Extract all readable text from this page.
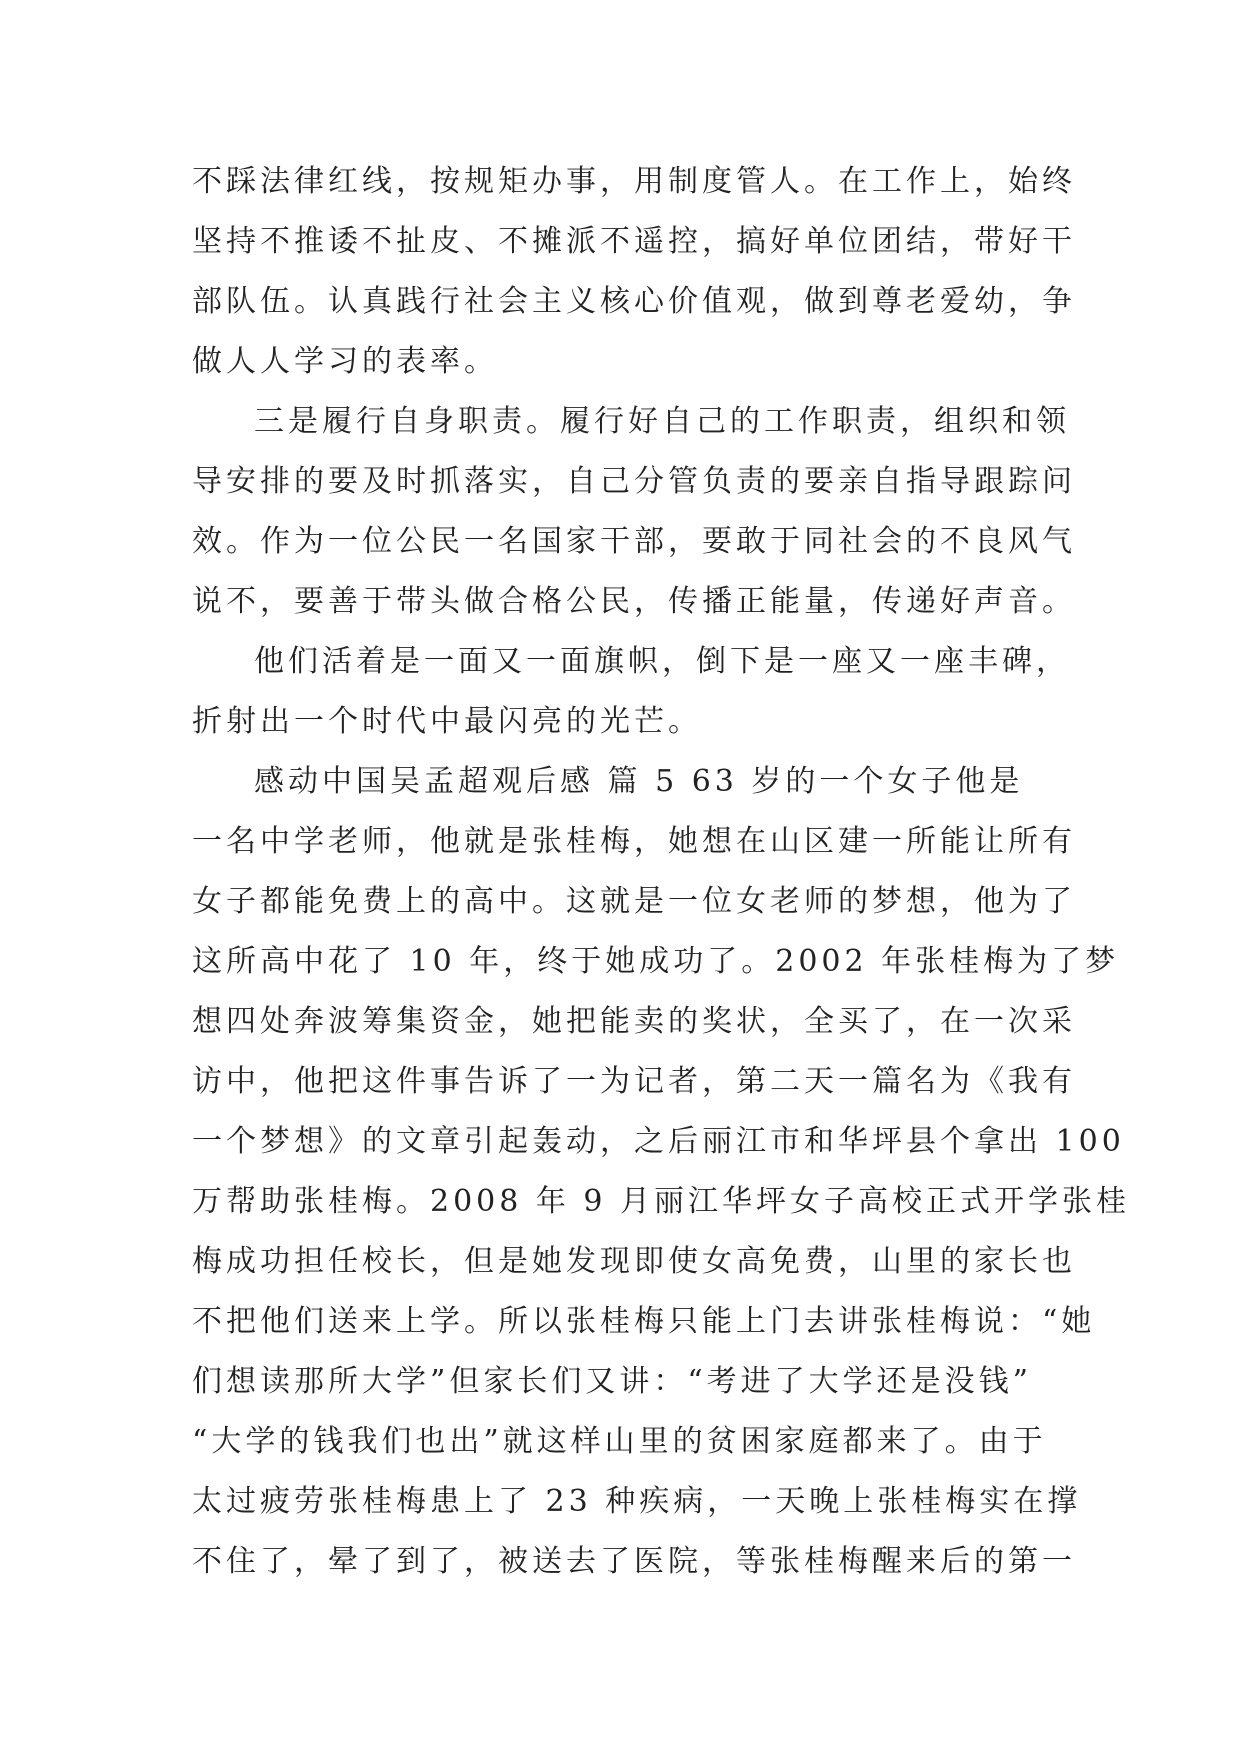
不踩法律红线，按规矩办事，用制度管人。在工作上，始终
坚持不推诿不扯皮、不摊派不遥控，搞好单位团结，带好干
部队伍。认真践行社会主义核心价值观，做到尊老爱幼，争
做人人学习的表率。
三是履行自身职责。履行好自己的工作职责，组织和领
导安排的要及时抓落实，自己分管负责的要亲自指导跟踪问
效。作为一位公民一名国家干部，要敢于同社会的不良风气
说不，要善于带头做合格公民，传播正能量，传递好声音。
他们活着是一面又一面旗帜，倒下是一座又一座丰碑，
折射出一个时代中最闪亮的光芒。
感动中国吴孟超观后感 篇 5 63 岁的一个女子他是
一名中学老师，他就是张桂梅，她想在山区建一所能让所有
女子都能免费上的高中。这就是一位女老师的梦想，他为了
这所高中花了 10 年，终于她成功了。2002 年张桂梅为了梦
想四处奔波筹集资金，她把能卖的奖状，全买了，在一次采
访中，他把这件事告诉了一为记者，第二天一篇名为《我有
一个梦想》的文章引起轰动，之后丽江市和华坪县个拿出 100
万帮助张桂梅。2008 年 9 月丽江华坪女子高校正式开学张桂
梅成功担任校长，但是她发现即使女高免费，山里的家长也
不把他们送来上学。所以张桂梅只能上门去讲张桂梅说：“她
们想读那所大学”但家长们又讲：“考进了大学还是没钱”
“大学的钱我们也出”就这样山里的贫困家庭都来了。由于
太过疲劳张桂梅患上了 23 种疾病，一天晚上张桂梅实在撑
不住了，晕了到了，被送去了医院，等张桂梅醒来后的第一
